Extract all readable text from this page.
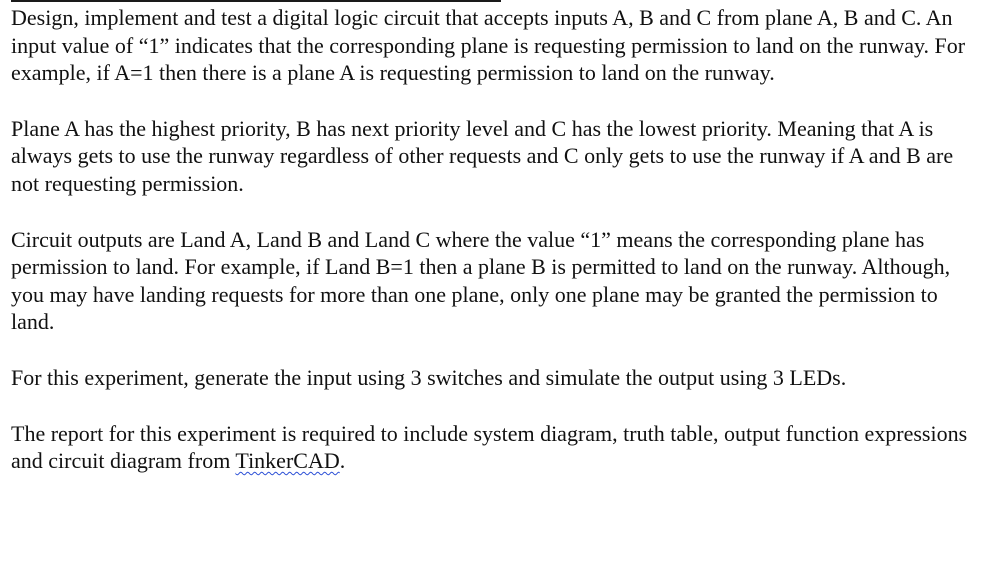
Design, implement and test a digital logic circuit that accepts inputs A, B and C from plane A, B and C. An input value of “1” indicates that the corresponding plane is requesting permission to land on the runway. For example, if A=1 then there is a plane A is requesting permission to land on the runway.

Plane A has the highest priority, B has next priority level and C has the lowest priority. Meaning that A is always gets to use the runway regardless of other requests and C only gets to use the runway if A and B are not requesting permission.

Circuit outputs are Land A, Land B and Land C where the value “1” means the corresponding plane has permission to land. For example, if Land B=1 then a plane B is permitted to land on the runway. Although, you may have landing requests for more than one plane, only one plane may be granted the permission to land.

For this experiment, generate the input using 3 switches and simulate the output using 3 LEDs.

The report for this experiment is required to include system diagram, truth table, output function expressions and circuit diagram from TinkerCAD.
